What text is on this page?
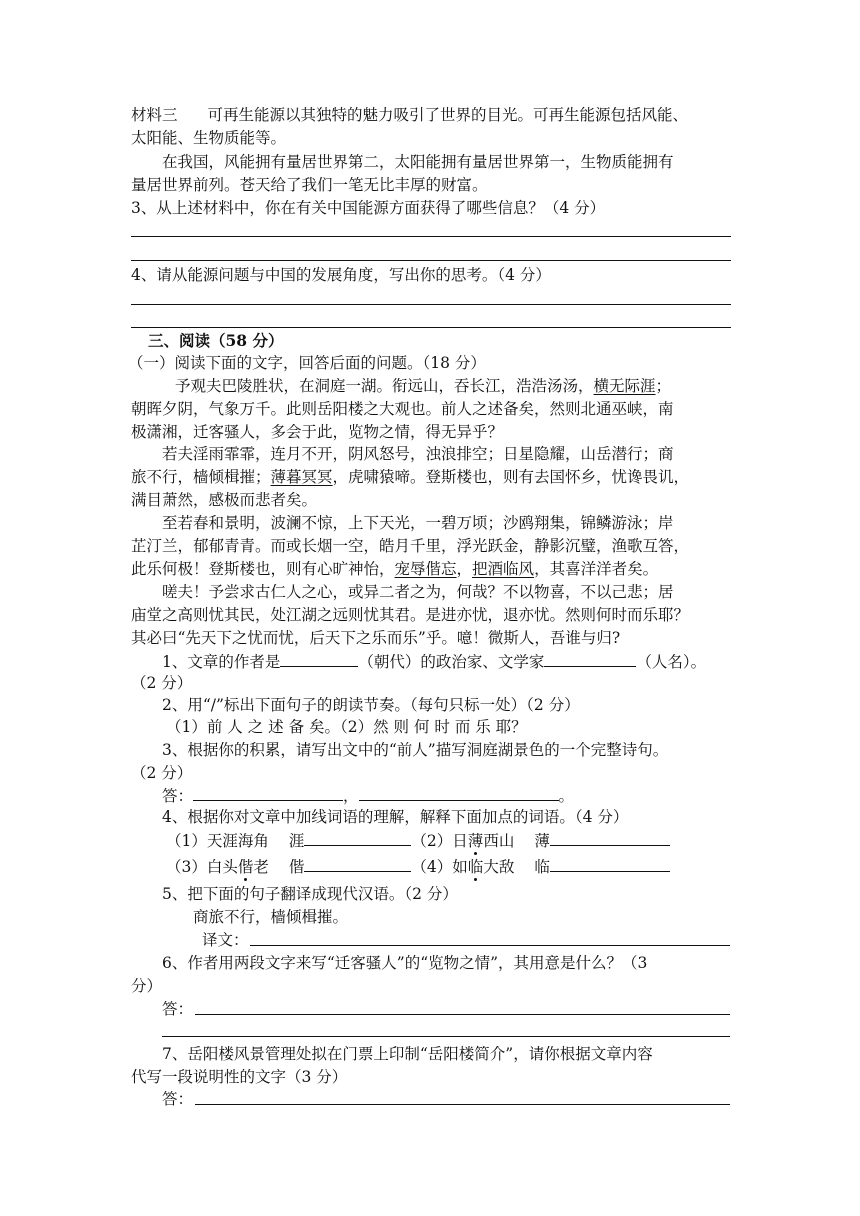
材料三 可再生能源以其独特的魅力吸引了世界的目光。可再生能源包括风能、
太阳能、生物质能等。
在我国，风能拥有量居世界第二，太阳能拥有量居世界第一，生物质能拥有
量居世界前列。苍天给了我们一笔无比丰厚的财富。
3、从上述材料中，你在有关中国能源方面获得了哪些信息？（4 分）
4、请从能源问题与中国的发展角度，写出你的思考。（4 分）
三、阅读（58 分）
（一）阅读下面的文字，回答后面的问题。（18 分）
予观夫巴陵胜状，在洞庭一湖。衔远山，吞长江，浩浩汤汤，横无际涯；
朝晖夕阴，气象万千。此则岳阳楼之大观也。前人之述备矣，然则北通巫峡，南
极潇湘，迁客骚人，多会于此，览物之情，得无异乎？
若夫淫雨霏霏，连月不开，阴风怒号，浊浪排空；日星隐耀，山岳潜行；商
旅不行，樯倾楫摧；薄暮冥冥，虎啸猿啼。登斯楼也，则有去国怀乡，忧谗畏讥，
满目萧然，感极而悲者矣。
至若春和景明，波澜不惊，上下天光，一碧万顷；沙鸥翔集，锦鳞游泳；岸
芷汀兰，郁郁青青。而或长烟一空，皓月千里，浮光跃金，静影沉璧，渔歌互答，
此乐何极！登斯楼也，则有心旷神怡，宠辱偕忘，把酒临风，其喜洋洋者矣。
嗟夫！予尝求古仁人之心，或异二者之为，何哉？不以物喜，不以己悲；居
庙堂之高则忧其民，处江湖之远则忧其君。是进亦忧，退亦忧。然则何时而乐耶？
其必曰“先天下之忧而忧，后天下之乐而乐”乎。噫！微斯人，吾谁与归?
1、文章的作者是	（朝代）的政治家、文学家	（人名）。
（2 分）
2、用“/”标出下面句子的朗读节奏。（每句只标一处）（2 分）
（1）前 人 之 述 备 矣。（2）然 则 何 时 而 乐 耶？
3、根据你的积累，请写出文中的“前人”描写洞庭湖景色的一个完整诗句。
（2 分）
答：	，	。
4、根据你对文章中加线词语的理解，解释下面加点的词语。（4 分）
（1）天涯海角 涯	（2）日薄西山 薄
（3）白头偕老 偕	（4）如临大敌 临
5、把下面的句子翻译成现代汉语。（2 分）
商旅不行，樯倾楫摧。
译文：
6、作者用两段文字来写“迁客骚人”的“览物之情”，其用意是什么？（3
分）
答：
7、岳阳楼风景管理处拟在门票上印制“岳阳楼简介”，请你根据文章内容
代写一段说明性的文字（3 分）
答：
